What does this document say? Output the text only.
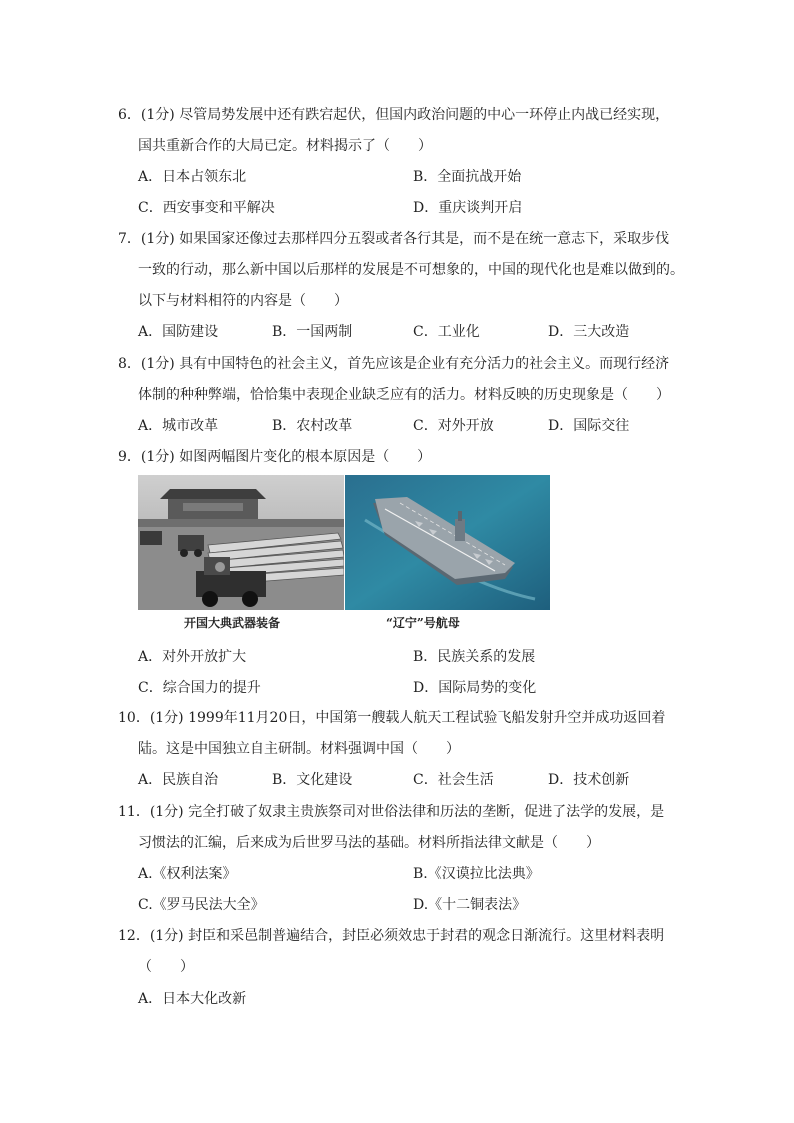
6．(1分) 尽管局势发展中还有跌宕起伏，但国内政治问题的中心一环停止内战已经实现，
国共重新合作的大局已定。材料揭示了（　　）
A．日本占领东北	B．全面抗战开始
C．西安事变和平解决	D．重庆谈判开启
7．(1分) 如果国家还像过去那样四分五裂或者各行其是，而不是在统一意志下，采取步伐
一致的行动，那么新中国以后那样的发展是不可想象的，中国的现代化也是难以做到的。
以下与材料相符的内容是（　　）
A．国防建设	B．一国两制	C．工业化	D．三大改造
8．(1分) 具有中国特色的社会主义，首先应该是企业有充分活力的社会主义。而现行经济
体制的种种弊端，恰恰集中表现企业缺乏应有的活力。材料反映的历史现象是（　　）
A．城市改革	B．农村改革	C．对外开放	D．国际交往
9．(1分) 如图两幅图片变化的根本原因是（　　）
开国大典武器装备	“辽宁”号航母
A．对外开放扩大	B．民族关系的发展
C．综合国力的提升	D．国际局势的变化
10．(1分) 1999年11月20日，中国第一艘载人航天工程试验飞船发射升空并成功返回着
陆。这是中国独立自主研制。材料强调中国（　　）
A．民族自治	B．文化建设	C．社会生活	D．技术创新
11．(1分) 完全打破了奴隶主贵族祭司对世俗法律和历法的垄断，促进了法学的发展，是
习惯法的汇编，后来成为后世罗马法的基础。材料所指法律文献是（　　）
A.《权利法案》	B.《汉谟拉比法典》
C.《罗马民法大全》	D.《十二铜表法》
12．(1分) 封臣和采邑制普遍结合，封臣必须效忠于封君的观念日渐流行。这里材料表明
（　　）
A．日本大化改新
